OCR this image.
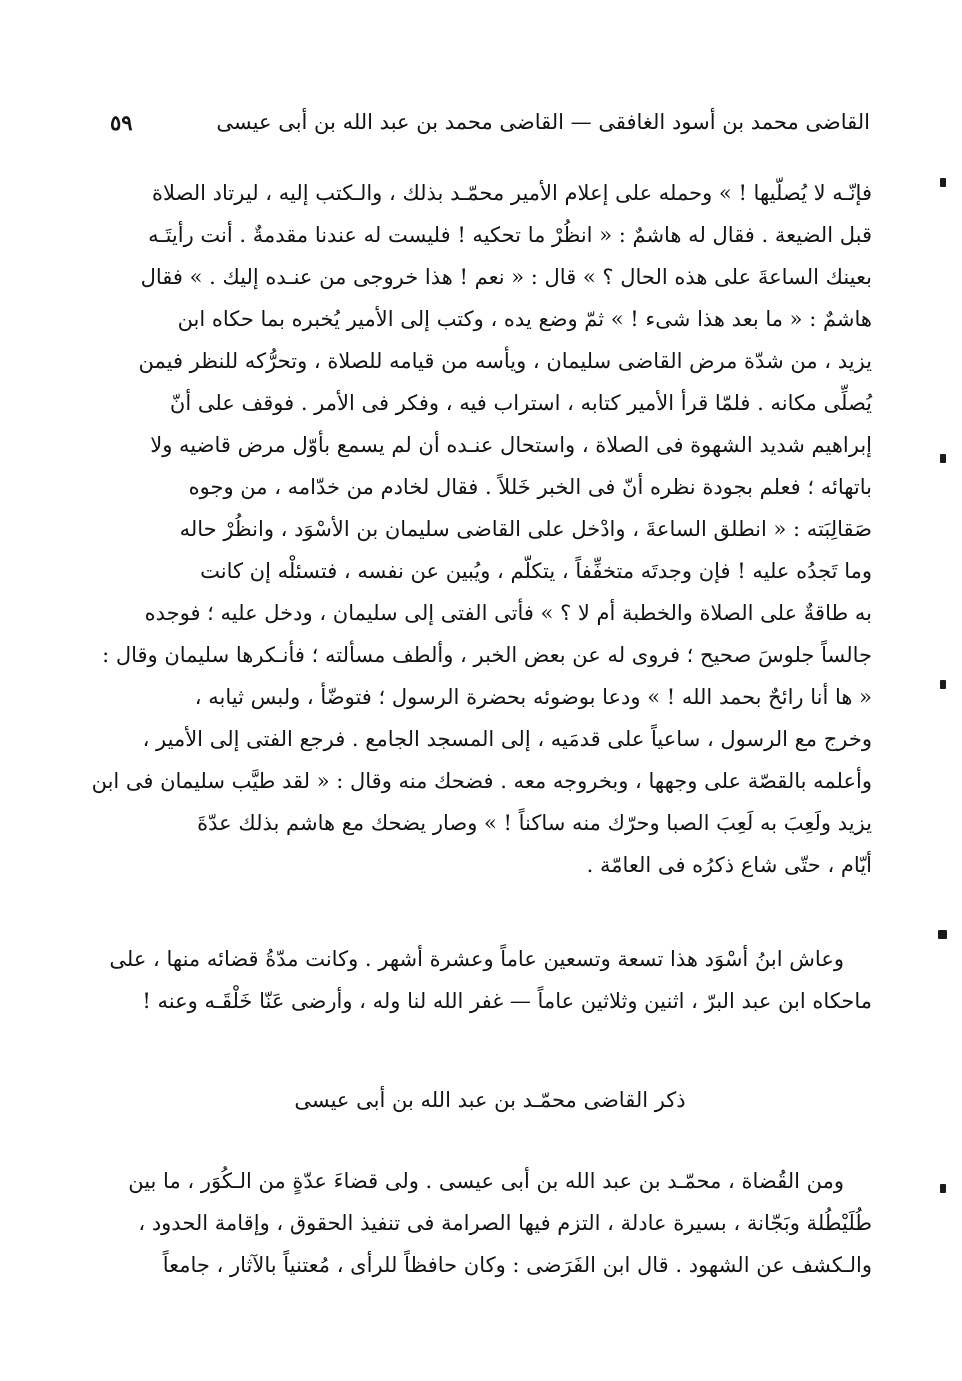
القاضى محمد بن أسود الغافقى — القاضى محمد بن عبد الله بن أبى عيسى
٥٩
فإنّـه لا يُصلّيها ! » وحمله على إعلام الأمير محمّـد بذلك ، والـكتب إليه ، ليرتاد الصلاة
قبل الضيعة . فقال له هاشمٌ : « انظُرْ ما تحكيه ! فليست له عندنا مقدمةٌ . أنت رأيتَـه
بعينك الساعةَ على هذه الحال ؟ » قال : « نعم ! هذا خروجى من عنـده إليك . » فقال
هاشمٌ : « ما بعد هذا شىء ! » ثمّ وضع يده ، وكتب إلى الأمير يُخبره بما حكاه ابن
يزيد ، من شدّة مرض القاضى سليمان ، ويأسه من قيامه للصلاة ، وتحرُّكه للنظر فيمن
يُصلِّى مكانه . فلمّا قرأ الأمير كتابه ، استراب فيه ، وفكر فى الأمر . فوقف على أنّ
إبراهيم شديد الشهوة فى الصلاة ، واستحال عنـده أن لم يسمع بأوّل مرض قاضيه ولا
باتهائه ؛ فعلم بجودة نظره أنّ فى الخبر خَللاً . فقال لخادم من خدّامه ، من وجوه
صَقالِبَته : « انطلق الساعةَ ، وادْخل على القاضى سليمان بن الأسْوَد ، وانظُرْ حاله
وما تَجدُه عليه ! فإن وجدتَه متخفِّفاً ، يتكلّم ، ويُبين عن نفسه ، فتسئلْه إن كانت
به طاقةٌ على الصلاة والخطبة أم لا ؟ » فأتى الفتى إلى سليمان ، ودخل عليه ؛ فوجده
جالساً جلوسَ صحيح ؛ فروى له عن بعض الخبر ، وألطف مسألته ؛ فأنـكرها سليمان وقال :
« ها أنا رائحٌ بحمد الله ! » ودعا بوضوئه بحضرة الرسول ؛ فتوضّأ ، ولبس ثيابه ،
وخرج مع الرسول ، ساعياً على قدمَيه ، إلى المسجد الجامع . فرجع الفتى إلى الأمير ،
وأعلمه بالقصّة على وجهها ، وبخروجه معه . فضحك منه وقال : « لقد طيَّب سليمان فى ابن
يزيد ولَعِبَ به لَعِبَ الصبا وحرّك منه ساكناً ! » وصار يضحك مع هاشم بذلك عدّةَ
أيّام ، حتّى شاع ذكرُه فى العامّة .
وعاش ابنُ أسْوَد هذا تسعة وتسعين عاماً وعشرة أشهر . وكانت مدّةُ قضائه منها ، على
ماحكاه ابن عبد البرّ ، اثنين وثلاثين عاماً — غفر الله لنا وله ، وأرضى عَنّا خَلْقَـه وعنه !
ذكر القاضى محمّـد بن عبد الله بن أبى عيسى
ومن القُضاة ، محمّـد بن عبد الله بن أبى عيسى . ولى قضاءَ عدّةٍ من الـكُوَر ، ما بين
طُلَيْطُلة وبَجّانة ، بسيرة عادلة ، التزم فيها الصرامة فى تنفيذ الحقوق ، وإقامة الحدود ،
والـكشف عن الشهود . قال ابن الفَرَضى : وكان حافظاً للرأى ، مُعتنياً بالآثار ، جامعاً
